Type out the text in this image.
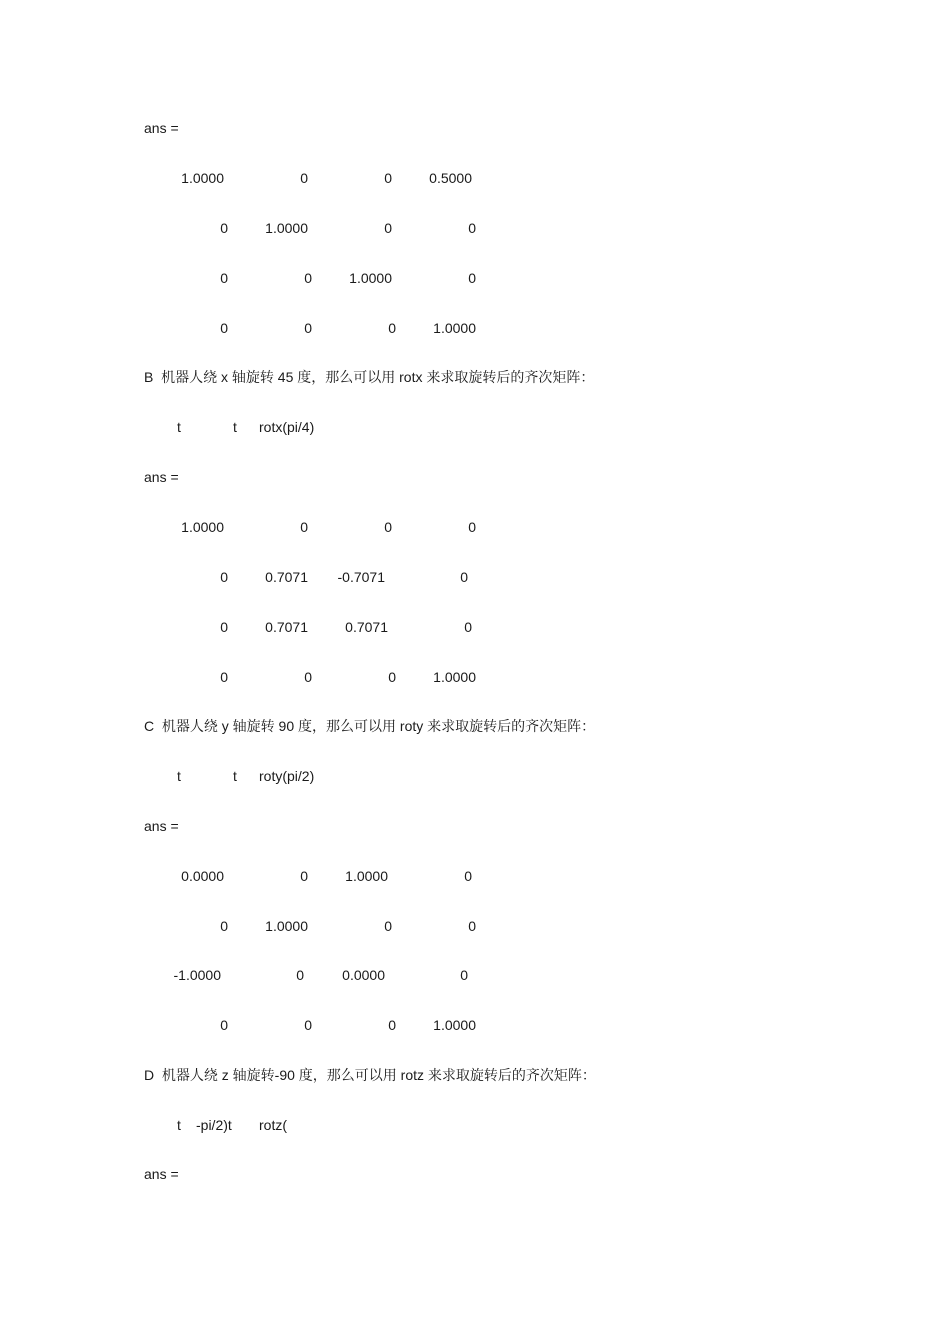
ans =
1.0000	0	0	0.5000
0	1.0000	0	0
0	0	1.0000	0
0	0	0	1.0000
B  机器人绕 x 轴旋转 45 度，那么可以用 rotx 来求取旋转后的齐次矩阵：
t	t rotx(pi/4)
ans =
1.0000	0	0	0
0	0.7071	-0.7071	0
0	0.7071	0.7071	0
0	0	0	1.0000
C  机器人绕 y 轴旋转 90 度，那么可以用 roty 来求取旋转后的齐次矩阵：
t	t roty(pi/2)
ans =
0.0000	0	1.0000	0
0	1.0000	0	0
-1.0000	0	0.0000	0
0	0	0	1.0000
D  机器人绕 z 轴旋转-90 度，那么可以用 rotz 来求取旋转后的齐次矩阵：
t -pi/2)t rotz(
ans =
